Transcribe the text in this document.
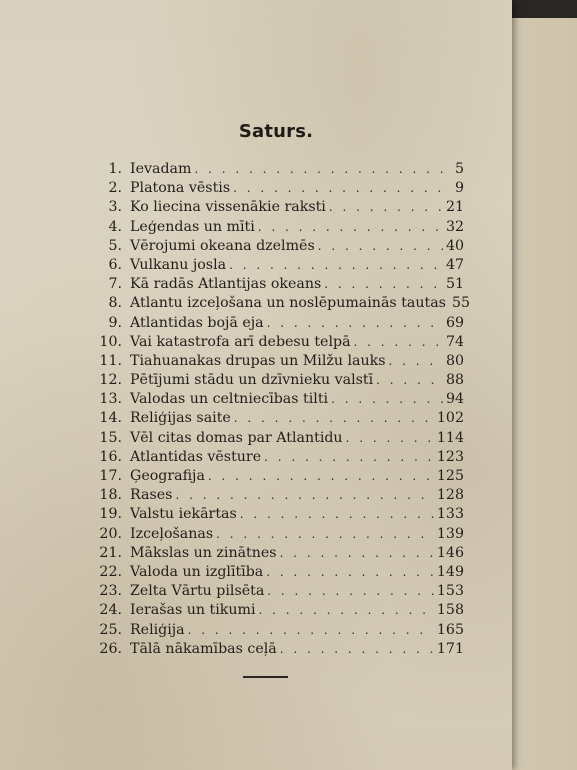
Saturs.
1. Ievadam . . .	5
2. Platona vēstis . . .	9
3. Ko liecina vissenākie raksti . . .	21
4. Leģendas un mīti . . .	32
5. Vērojumi okeana dzelmēs . . .	40
6. Vulkanu josla . . .	47
7. Kā radās Atlantijas okeans . . .	51
8. Atlantu izceļošana un noslēpumainās tautas 55
9. Atlantidas bojā eja . . .	69
10. Vai katastrofa arī debesu telpā . . .	74
11. Tiahuanakas drupas un Milžu lauks . . .	80
12. Pētījumi stādu un dzīvnieku valstī . . .	88
13. Valodas un celtniecības tilti . . .	94
14. Reliģijas saite . . .	102
15. Vēl citas domas par Atlantidu . . .	114
16. Atlantidas vēsture . . .	123
17. Ģeografija . . .	125
18. Rases . . .	128
19. Valstu iekārtas . . .	133
20. Izceļošanas . . .	139
21. Mākslas un zinātnes . . .	146
22. Valoda un izglītība . . .	149
23. Zelta Vārtu pilsēta . . .	153
24. Ierašas un tikumi . . .	158
25. Reliģija . . .	165
26. Tālā nākamības ceļā . . .	171
